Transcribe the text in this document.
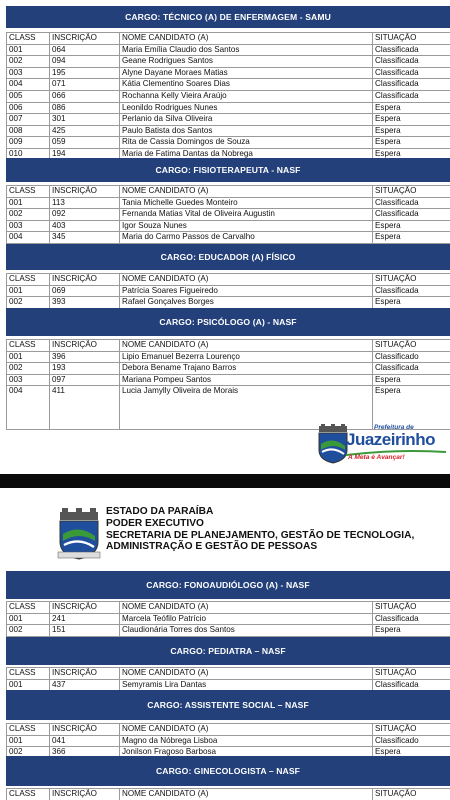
CARGO: TÉCNICO (A) DE ENFERMAGEM - SAMU
CLASS	INSCRIÇÃO	NOME CANDIDATO (A)	SITUAÇÃO
001	064	Maria Emília Claudio dos Santos	Classificada
002	094	Geane Rodrigues Santos	Classificada
003	195	Alyne Dayane Moraes Matias	Classificada
004	071	Kátia Clementino Soares Dias	Classificada
005	066	Rochanna Kelly Vieira Araújo	Classificada
006	086	Leonildo Rodrigues Nunes	Espera
007	301	Perlanio da Silva Oliveira	Espera
008	425	Paulo Batista dos Santos	Espera
009	059	Rita de Cassia Domingos de Souza	Espera
010	194	Maria de Fatima Dantas da Nobrega	Espera
CARGO: FISIOTERAPEUTA - NASF
CLASS	INSCRIÇÃO	NOME CANDIDATO (A)	SITUAÇÃO
001	113	Tania Michelle Guedes Monteiro	Classificada
002	092	Fernanda Matias Vital de Oliveira Augustin	Classificada
003	403	Igor Souza Nunes	Espera
004	345	Maria do Carmo Passos de Carvalho	Espera
CARGO: EDUCADOR (A) FÍSICO
CLASS	INSCRIÇÃO	NOME CANDIDATO (A)	SITUAÇÃO
001	069	Patrícia Soares Figueiredo	Classificada
002	393	Rafael Gonçalves Borges	Espera
CARGO: PSICÓLOGO (A) - NASF
CLASS	INSCRIÇÃO	NOME CANDIDATO (A)	SITUAÇÃO
001	396	Lipio Emanuel Bezerra Lourenço	Classificado
002	193	Debora Bename Trajano Barros	Classificada
003	097	Mariana Pompeu Santos	Espera
004	411	Lucia Jamylly Oliveira de Morais	Espera
Prefeitura de
Juazeirinho
A Meta é Avançar!
ESTADO DA PARAÍBA
PODER EXECUTIVO
SECRETARIA DE PLANEJAMENTO, GESTÃO DE TECNOLOGIA,
ADMINISTRAÇÃO E GESTÃO DE PESSOAS
CARGO: FONOAUDIÓLOGO (A) - NASF
CLASS	INSCRIÇÃO	NOME CANDIDATO (A)	SITUAÇÃO
001	241	Marcela Teófilo Patrício	Classificada
002	151	Claudionária Torres dos Santos	Espera
CARGO: PEDIATRA – NASF
CLASS	INSCRIÇÃO	NOME CANDIDATO (A)	SITUAÇÃO
001	437	Semyramis Lira Dantas	Classificada
CARGO: ASSISTENTE SOCIAL – NASF
CLASS	INSCRIÇÃO	NOME CANDIDATO (A)	SITUAÇÃO
001	041	Magno da Nóbrega Lisboa	Classificado
002	366	Jonilson Fragoso Barbosa	Espera
CARGO: GINECOLOGISTA – NASF
CLASS	INSCRIÇÃO	NOME CANDIDATO (A)	SITUAÇÃO
